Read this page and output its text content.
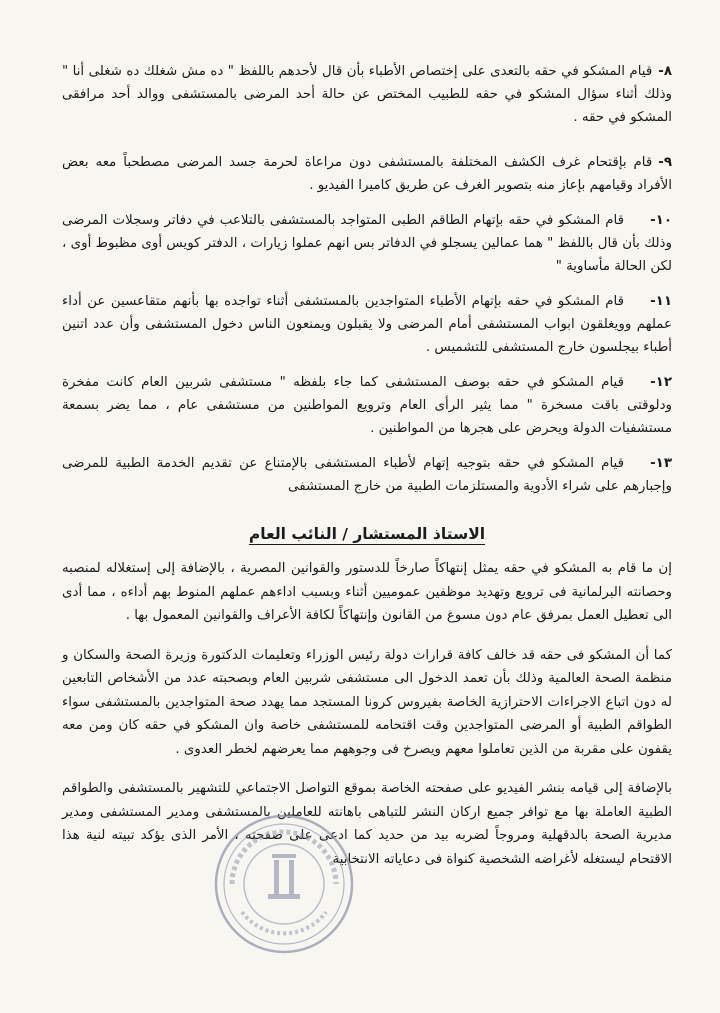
٨-قيام المشكو في حقه بالتعدى على إختصاص الأطباء بأن قال لأحدهم باللفظ " ده مش شغلك ده شغلى أنا " وذلك أثناء سؤال المشكو في حقه للطبيب المختص عن حالة أحد المرضى بالمستشفى ووالد أحد مرافقى المشكو في حقه .
٩-قام بإقتحام غرف الكشف المختلفة بالمستشفى دون مراعاة لحرمة جسد المرضى مصطحباً معه بعض الأفراد وقيامهم بإعاز منه بتصوير الغرف عن طريق كاميرا الفيديو .
١٠-قام المشكو في حقه بإتهام الطاقم الطبى المتواجد بالمستشفى بالتلاعب في دفاتر وسجلات المرضى وذلك بأن قال باللفظ " هما عمالين يسجلو في الدفاتر بس انهم عملوا زيارات ، الدفتر كويس أوى مظبوط أوى ، لكن الحالة مأساوية "
١١-قام المشكو في حقه بإتهام الأطباء المتواجدين بالمستشفى أثناء تواجده بها بأنهم متقاعسين عن أداء عملهم وويغلقون ابواب المستشفى أمام المرضى ولا يقبلون ويمنعون الناس دخول المستشفى وأن عدد اتنين أطباء بيجلسون خارج المستشفى للتشميس .
١٢-قيام المشكو في حقه بوصف المستشفى كما جاء بلفظه " مستشفى شربين العام كانت مفخرة ودلوقتى باقت مسخرة " مما يثير الرأى العام وترويع المواطنين من مستشفى عام ، مما يضر بسمعة مستشفيات الدولة ويحرض على هجرها من المواطنين .
١٣-قيام المشكو في حقه بتوجيه إتهام لأطباء المستشفى بالإمتناع عن تقديم الخدمة الطبية للمرضى وإجبارهم على شراء الأدوية والمستلزمات الطبية من خارج المستشفى
الاستاذ المستشار / النائب العام

إن ما قام به المشكو في حقه يمثل إنتهاكاً صارخاً للدستور والقوانين المصرية ، بالإضافة إلى إستغلاله لمنصبه وحصانته البرلمانية فى ترويع وتهديد موظفين عموميين أثناء وبسبب اداءهم عملهم المنوط بهم أداءه ، مما أدى الى تعطيل العمل بمرفق عام دون مسوغ من القانون وإنتهاكاً لكافة الأعراف والقوانين المعمول بها .

كما أن المشكو فى حقه قد خالف كافة قرارات دولة رئيس الوزراء وتعليمات الدكتورة وزيرة الصحة والسكان و منظمة الصحة العالمية وذلك بأن تعمد الدخول الى مستشفى شربين العام وبصحبته عدد من الأشخاص التابعين له دون اتباع الاجراءات الاحترازية الخاصة بفيروس كرونا المستجد مما يهدد صحة المتواجدين بالمستشفى سواء الطواقم الطبية أو المرضى المتواجدين وقت اقتحامه للمستشفى خاصة وان المشكو في حقه كان ومن معه يقفون على مقربة من الذين تعاملوا معهم ويصرخ فى وجوههم مما يعرضهم لخطر العدوى .

بالإضافة إلى قيامه بنشر الفيديو على صفحته الخاصة بموقع التواصل الاجتماعي للتشهير بالمستشفى والطواقم الطبية العاملة بها مع توافر جميع اركان النشر للتباهى باهانته للعاملين بالمستشفى ومدير المستشفى ومدير مديرية الصحة بالدقهلية ومروجاً لضربه بيد من حديد كما ادعى على صفحته ، الأمر الذى يؤكد تبيته لنية هذا الاقتحام ليستغله لأغراضه الشخصية كنواة فى دعاياته الانتخابية
